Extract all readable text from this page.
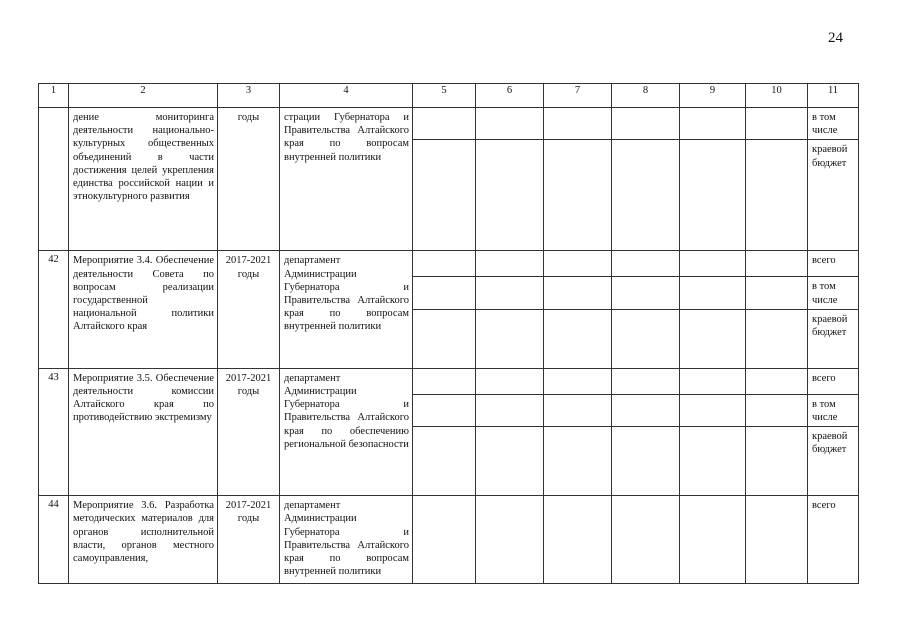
24
1	2	3	4	5	6	7	8	9	10	11
	дение мониторинга деятельности национально-культурных общественных объединений в части достижения целей укрепления единства российской нации и этнокультурного развития	годы	страции Губернатора и Правительства Алтайского края по вопросам внутренней политики							в том числе
										краевой бюджет
42	Мероприятие 3.4. Обеспечение деятельности Совета по вопросам реализации государственной национальной политики Алтайского края	2017-2021 годы	департамент Администрации Губернатора и Правительства Алтайского края по вопросам внутренней политики							всего
										в том числе
										краевой бюджет
43	Мероприятие 3.5. Обеспечение деятельности комиссии Алтайского края по противодействию экстремизму	2017-2021 годы	департамент Администрации Губернатора и Правительства Алтайского края по обеспечению региональной безопасности							всего
										в том числе
										краевой бюджет
44	Мероприятие 3.6. Разработка методических материалов для органов исполнительной власти, органов местного самоуправления,	2017-2021 годы	департамент Администрации Губернатора и Правительства Алтайского края по вопросам внутренней политики							всего
